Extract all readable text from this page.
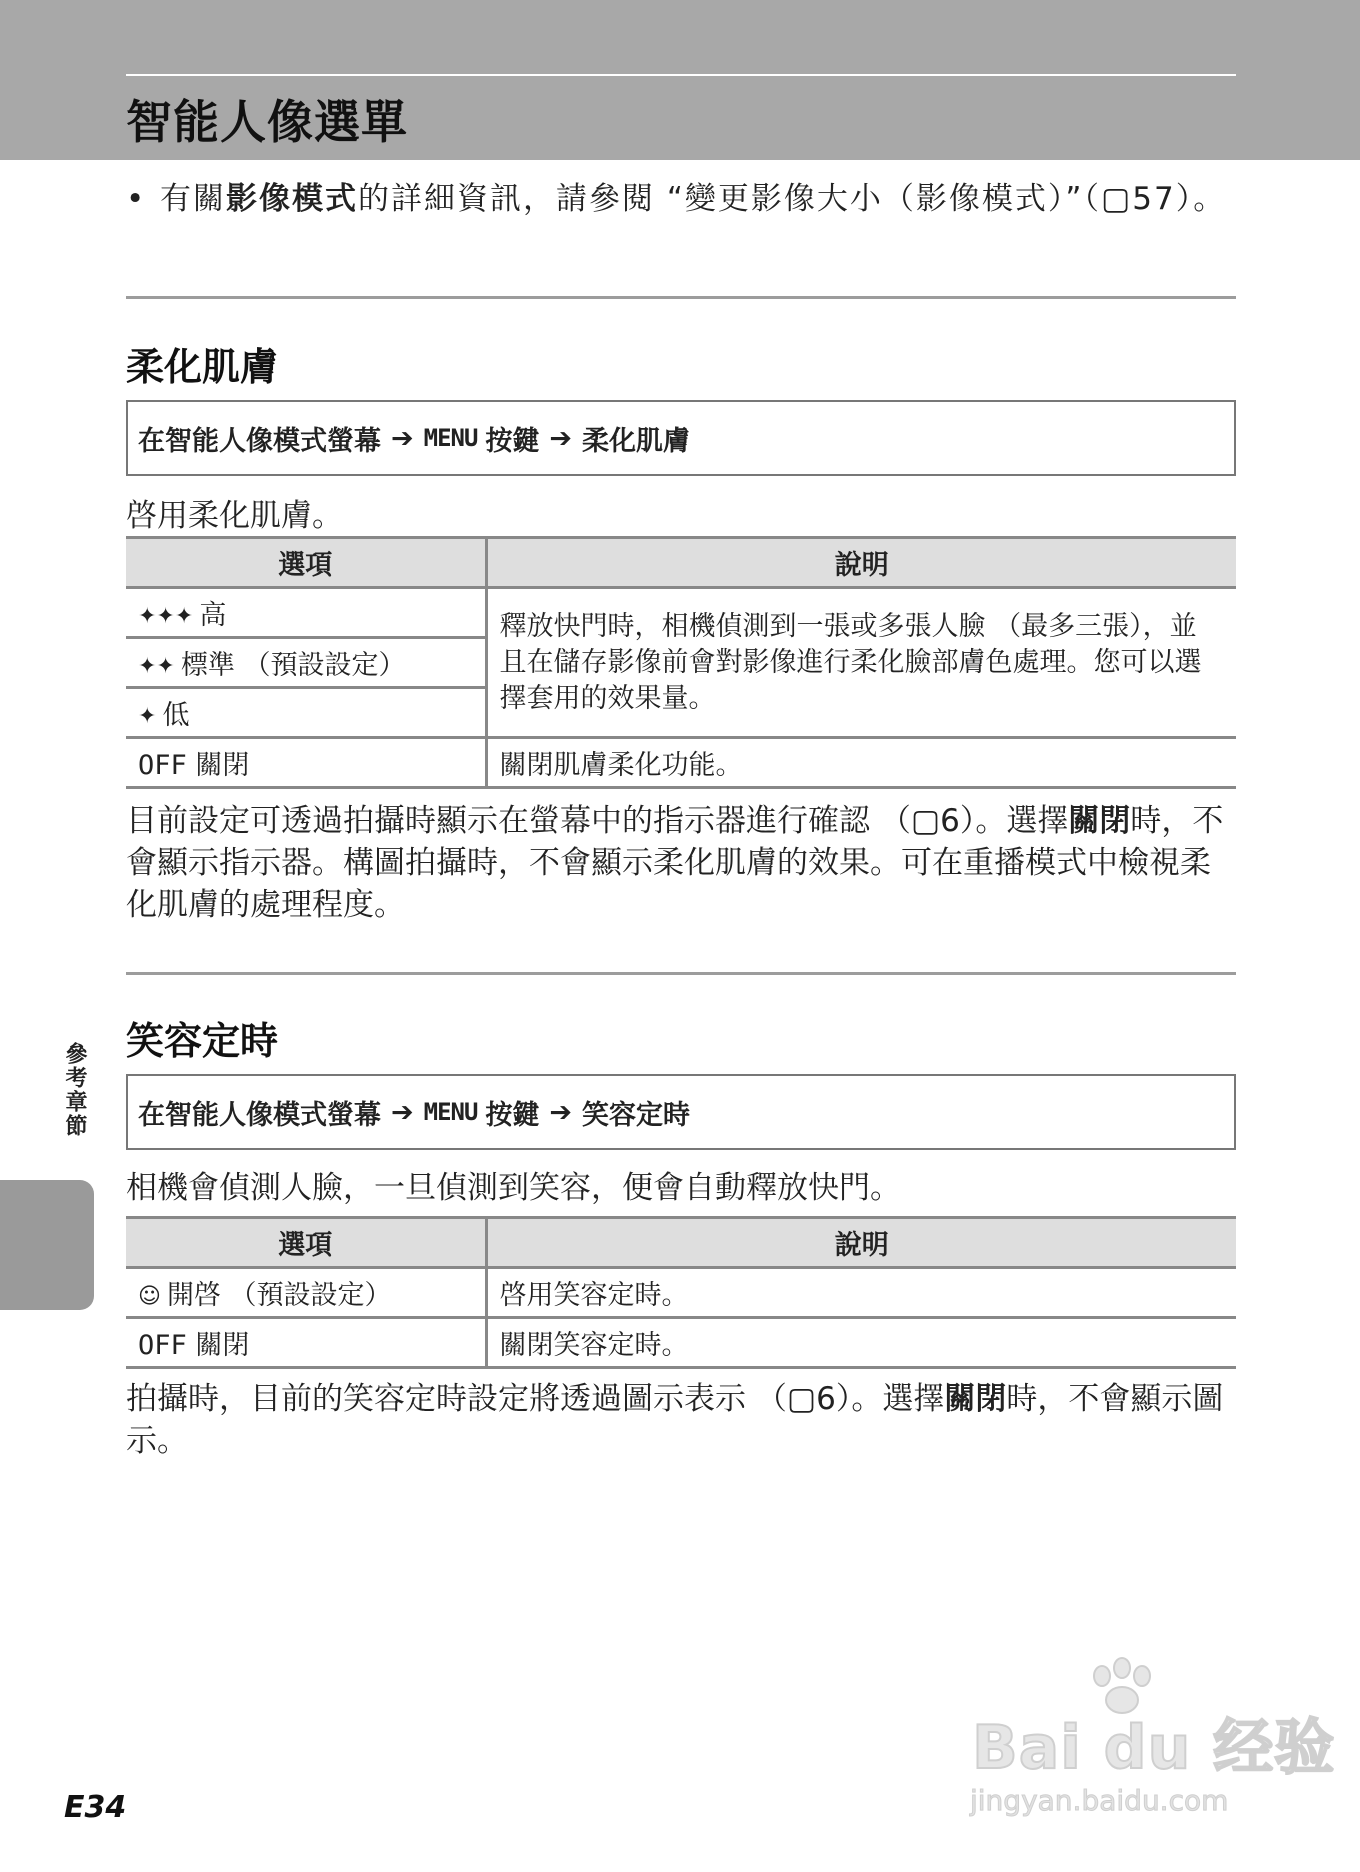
智能人像選單
• 有關影像模式的詳細資訊，請參閱 “變更影像大小（影像模式）”（▢57）。
柔化肌膚
在智能人像模式螢幕 ➔ MENU 按鍵 ➔ 柔化肌膚
啓用柔化肌膚。
選項	說明
✦✦✦ 高	釋放快門時，相機偵測到一張或多張人臉 （最多三張），並且在儲存影像前會對影像進行柔化臉部膚色處理。您可以選擇套用的效果量。
✦✦ 標準 （預設設定）	
✦ 低	
OFF 關閉	關閉肌膚柔化功能。
目前設定可透過拍攝時顯示在螢幕中的指示器進行確認 （▢6）。選擇關閉時，不會顯示指示器。構圖拍攝時，不會顯示柔化肌膚的效果。可在重播模式中檢視柔化肌膚的處理程度。
笑容定時
在智能人像模式螢幕 ➔ MENU 按鍵 ➔ 笑容定時
相機會偵測人臉，一旦偵測到笑容，便會自動釋放快門。
選項	說明
☺ 開啓 （預設設定）	啓用笑容定時。
OFF 關閉	關閉笑容定時。
拍攝時，目前的笑容定時設定將透過圖示表示 （▢6）。選擇關閉時，不會顯示圖示。
參考章節
E34
Bai du 经验
jingyan.baidu.com
